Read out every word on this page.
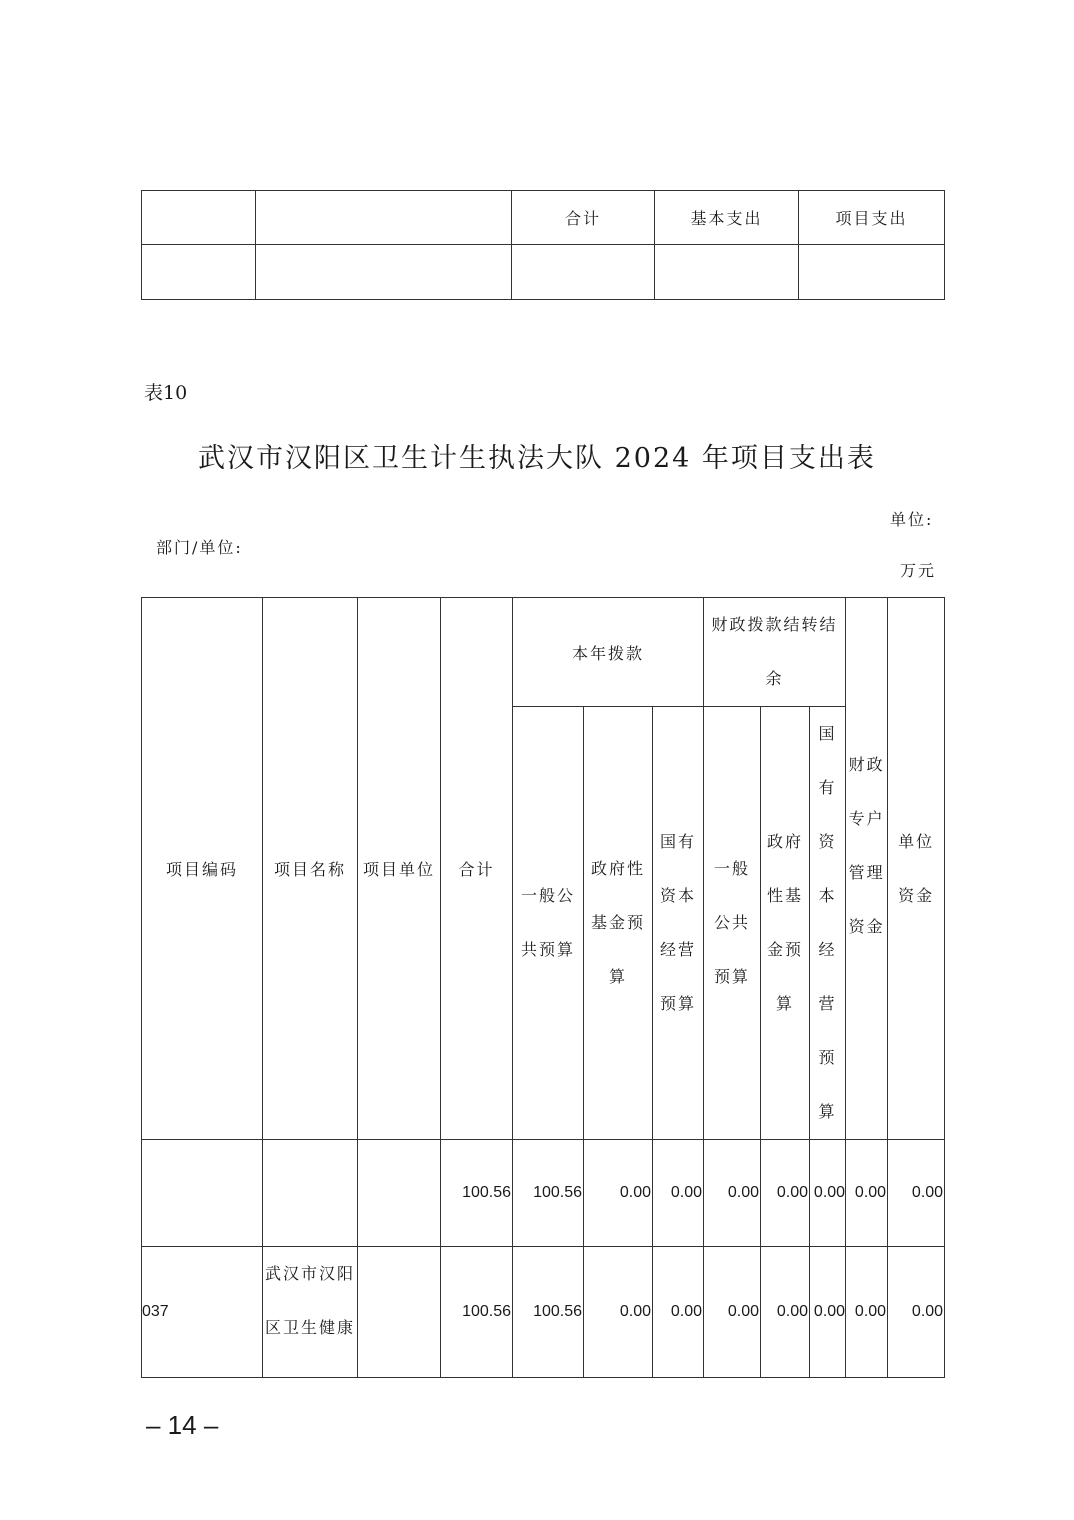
		合计	基本支出	项目支出

表10

武汉市汉阳区卫生计生执法大队 2024 年项目支出表

单位:

部门/单位:

万元

项目编码	项目名称	项目单位	合计	本年拨款			财政拨款结转结余			财政专户管理资金	单位资金
				一般公共预算	政府性基金预算	国有资本经营预算	一般公共预算	政府性基金预算	国有资本经营预算		
			100.56	100.56	0.00	0.00	0.00	0.00	0.00	0.00	0.00
037	武汉市汉阳区卫生健康		100.56	100.56	0.00	0.00	0.00	0.00	0.00	0.00	0.00

– 14 –
